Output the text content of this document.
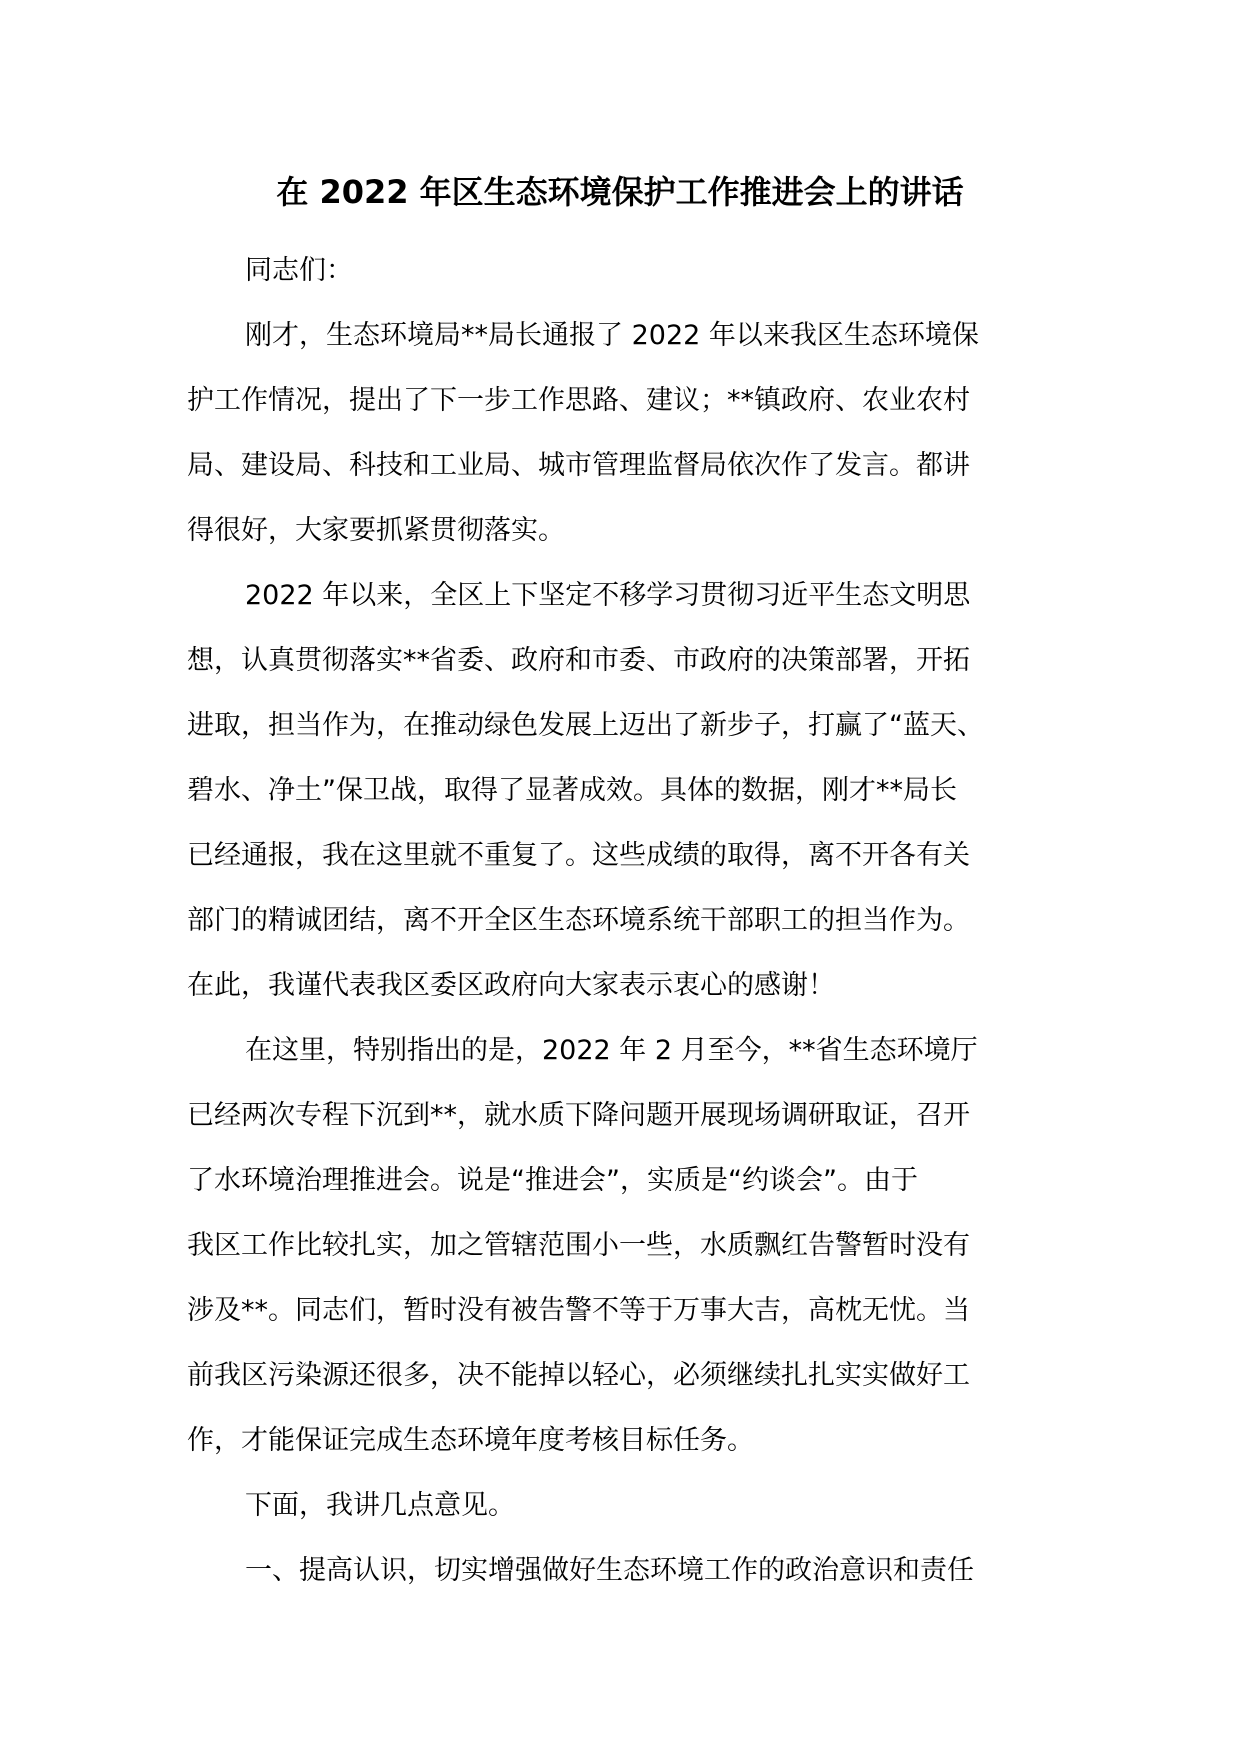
在 2022 年区生态环境保护工作推进会上的讲话

同志们：

刚才，生态环境局**局长通报了 2022 年以来我区生态环境保

护工作情况，提出了下一步工作思路、建议；**镇政府、农业农村

局、建设局、科技和工业局、城市管理监督局依次作了发言。都讲

得很好，大家要抓紧贯彻落实。

2022 年以来，全区上下坚定不移学习贯彻习近平生态文明思

想，认真贯彻落实**省委、政府和市委、市政府的决策部署，开拓

进取，担当作为，在推动绿色发展上迈出了新步子，打赢了“蓝天、

碧水、净土”保卫战，取得了显著成效。具体的数据，刚才**局长

已经通报，我在这里就不重复了。这些成绩的取得，离不开各有关

部门的精诚团结，离不开全区生态环境系统干部职工的担当作为。

在此，我谨代表我区委区政府向大家表示衷心的感谢！

在这里，特别指出的是，2022 年 2 月至今，**省生态环境厅

已经两次专程下沉到**，就水质下降问题开展现场调研取证，召开

了水环境治理推进会。说是“推进会”，实质是“约谈会”。由于

我区工作比较扎实，加之管辖范围小一些，水质飘红告警暂时没有

涉及**。同志们，暂时没有被告警不等于万事大吉，高枕无忧。当

前我区污染源还很多，决不能掉以轻心，必须继续扎扎实实做好工

作，才能保证完成生态环境年度考核目标任务。

下面，我讲几点意见。

一、提高认识，切实增强做好生态环境工作的政治意识和责任
